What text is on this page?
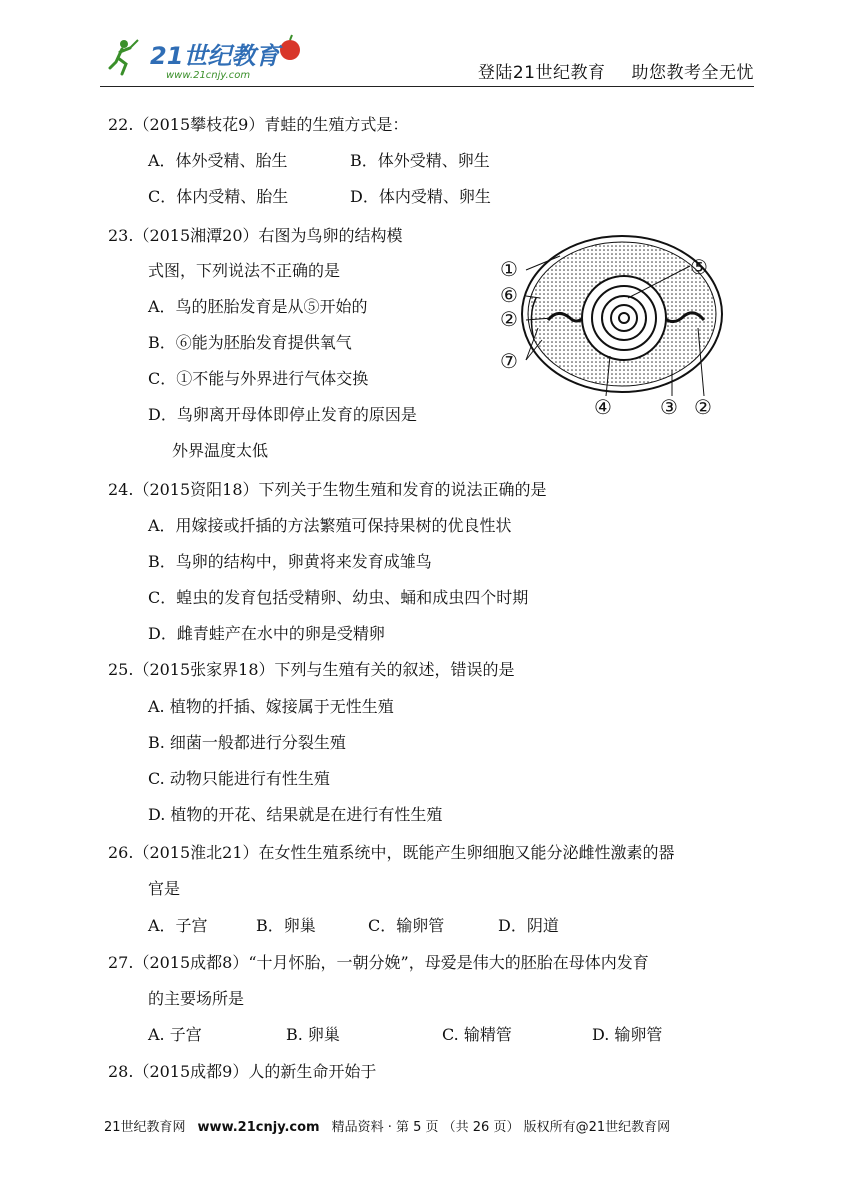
21世纪教育
www.21cnjy.com	登陆21世纪教育 助您教考全无忧
22.（2015攀枝花9）青蛙的生殖方式是：
A．体外受精、胎生	B．体外受精、卵生
C．体内受精、胎生	D．体内受精、卵生
23.（2015湘潭20）右图为鸟卵的结构模
式图，下列说法不正确的是
A．鸟的胚胎发育是从⑤开始的
B．⑥能为胚胎发育提供氧气
C．①不能与外界进行气体交换
D．鸟卵离开母体即停止发育的原因是
外界温度太低
①
⑥
②
⑦
⑤
④ ③ ②
24.（2015资阳18）下列关于生物生殖和发育的说法正确的是
A．用嫁接或扦插的方法繁殖可保持果树的优良性状
B．鸟卵的结构中，卵黄将来发育成雏鸟
C．蝗虫的发育包括受精卵、幼虫、蛹和成虫四个时期
D．雌青蛙产在水中的卵是受精卵
25.（2015张家界18）下列与生殖有关的叙述，错误的是
A. 植物的扦插、嫁接属于无性生殖
B. 细菌一般都进行分裂生殖
C. 动物只能进行有性生殖
D. 植物的开花、结果就是在进行有性生殖
26.（2015淮北21）在女性生殖系统中，既能产生卵细胞又能分泌雌性激素的器
官是
A．子宫	B．卵巢	C．输卵管	D．阴道
27.（2015成都8）“十月怀胎，一朝分娩”，母爱是伟大的胚胎在母体内发育
的主要场所是
A. 子宫	B. 卵巢	C. 输精管	D. 输卵管
28.（2015成都9）人的新生命开始于
21世纪教育网 www.21cnjy.com 精品资料 · 第 5 页 （共 26 页） 版权所有@21世纪教育网
